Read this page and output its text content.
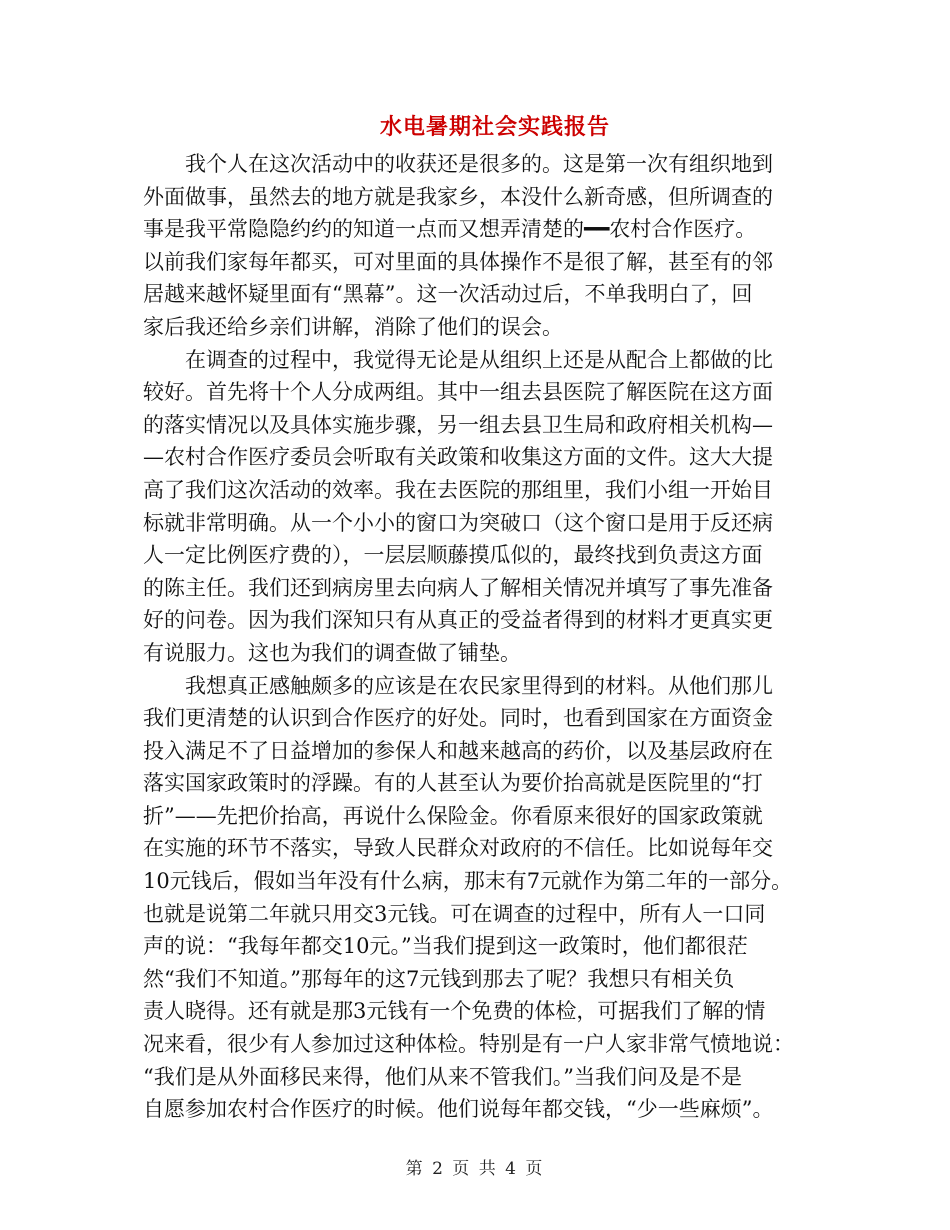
水电暑期社会实践报告
我个人在这次活动中的收获还是很多的。这是第一次有组织地到
外面做事，虽然去的地方就是我家乡，本没什么新奇感，但所调查的
事是我平常隐隐约约的知道一点而又想弄清楚的━━农村合作医疗。
以前我们家每年都买，可对里面的具体操作不是很了解，甚至有的邻
居越来越怀疑里面有“黑幕”。这一次活动过后，不单我明白了，回
家后我还给乡亲们讲解，消除了他们的误会。
在调查的过程中，我觉得无论是从组织上还是从配合上都做的比
较好。首先将十个人分成两组。其中一组去县医院了解医院在这方面
的落实情况以及具体实施步骤，另一组去县卫生局和政府相关机构—
—农村合作医疗委员会听取有关政策和收集这方面的文件。这大大提
高了我们这次活动的效率。我在去医院的那组里，我们小组一开始目
标就非常明确。从一个小小的窗口为突破口（这个窗口是用于反还病
人一定比例医疗费的），一层层顺藤摸瓜似的，最终找到负责这方面
的陈主任。我们还到病房里去向病人了解相关情况并填写了事先准备
好的问卷。因为我们深知只有从真正的受益者得到的材料才更真实更
有说服力。这也为我们的调查做了铺垫。
我想真正感触颇多的应该是在农民家里得到的材料。从他们那儿
我们更清楚的认识到合作医疗的好处。同时，也看到国家在方面资金
投入满足不了日益增加的参保人和越来越高的药价，以及基层政府在
落实国家政策时的浮躁。有的人甚至认为要价抬高就是医院里的“打
折”——先把价抬高，再说什么保险金。你看原来很好的国家政策就
在实施的环节不落实，导致人民群众对政府的不信任。比如说每年交
10元钱后，假如当年没有什么病，那末有7元就作为第二年的一部分。
也就是说第二年就只用交3元钱。可在调查的过程中，所有人一口同
声的说：“我每年都交10元。”当我们提到这一政策时，他们都很茫
然“我们不知道。”那每年的这7元钱到那去了呢？我想只有相关负
责人晓得。还有就是那3元钱有一个免费的体检，可据我们了解的情
况来看，很少有人参加过这种体检。特别是有一户人家非常气愤地说：
“我们是从外面移民来得，他们从来不管我们。”当我们问及是不是
自愿参加农村合作医疗的时候。他们说每年都交钱，“少一些麻烦”。
第 2 页 共 4 页
